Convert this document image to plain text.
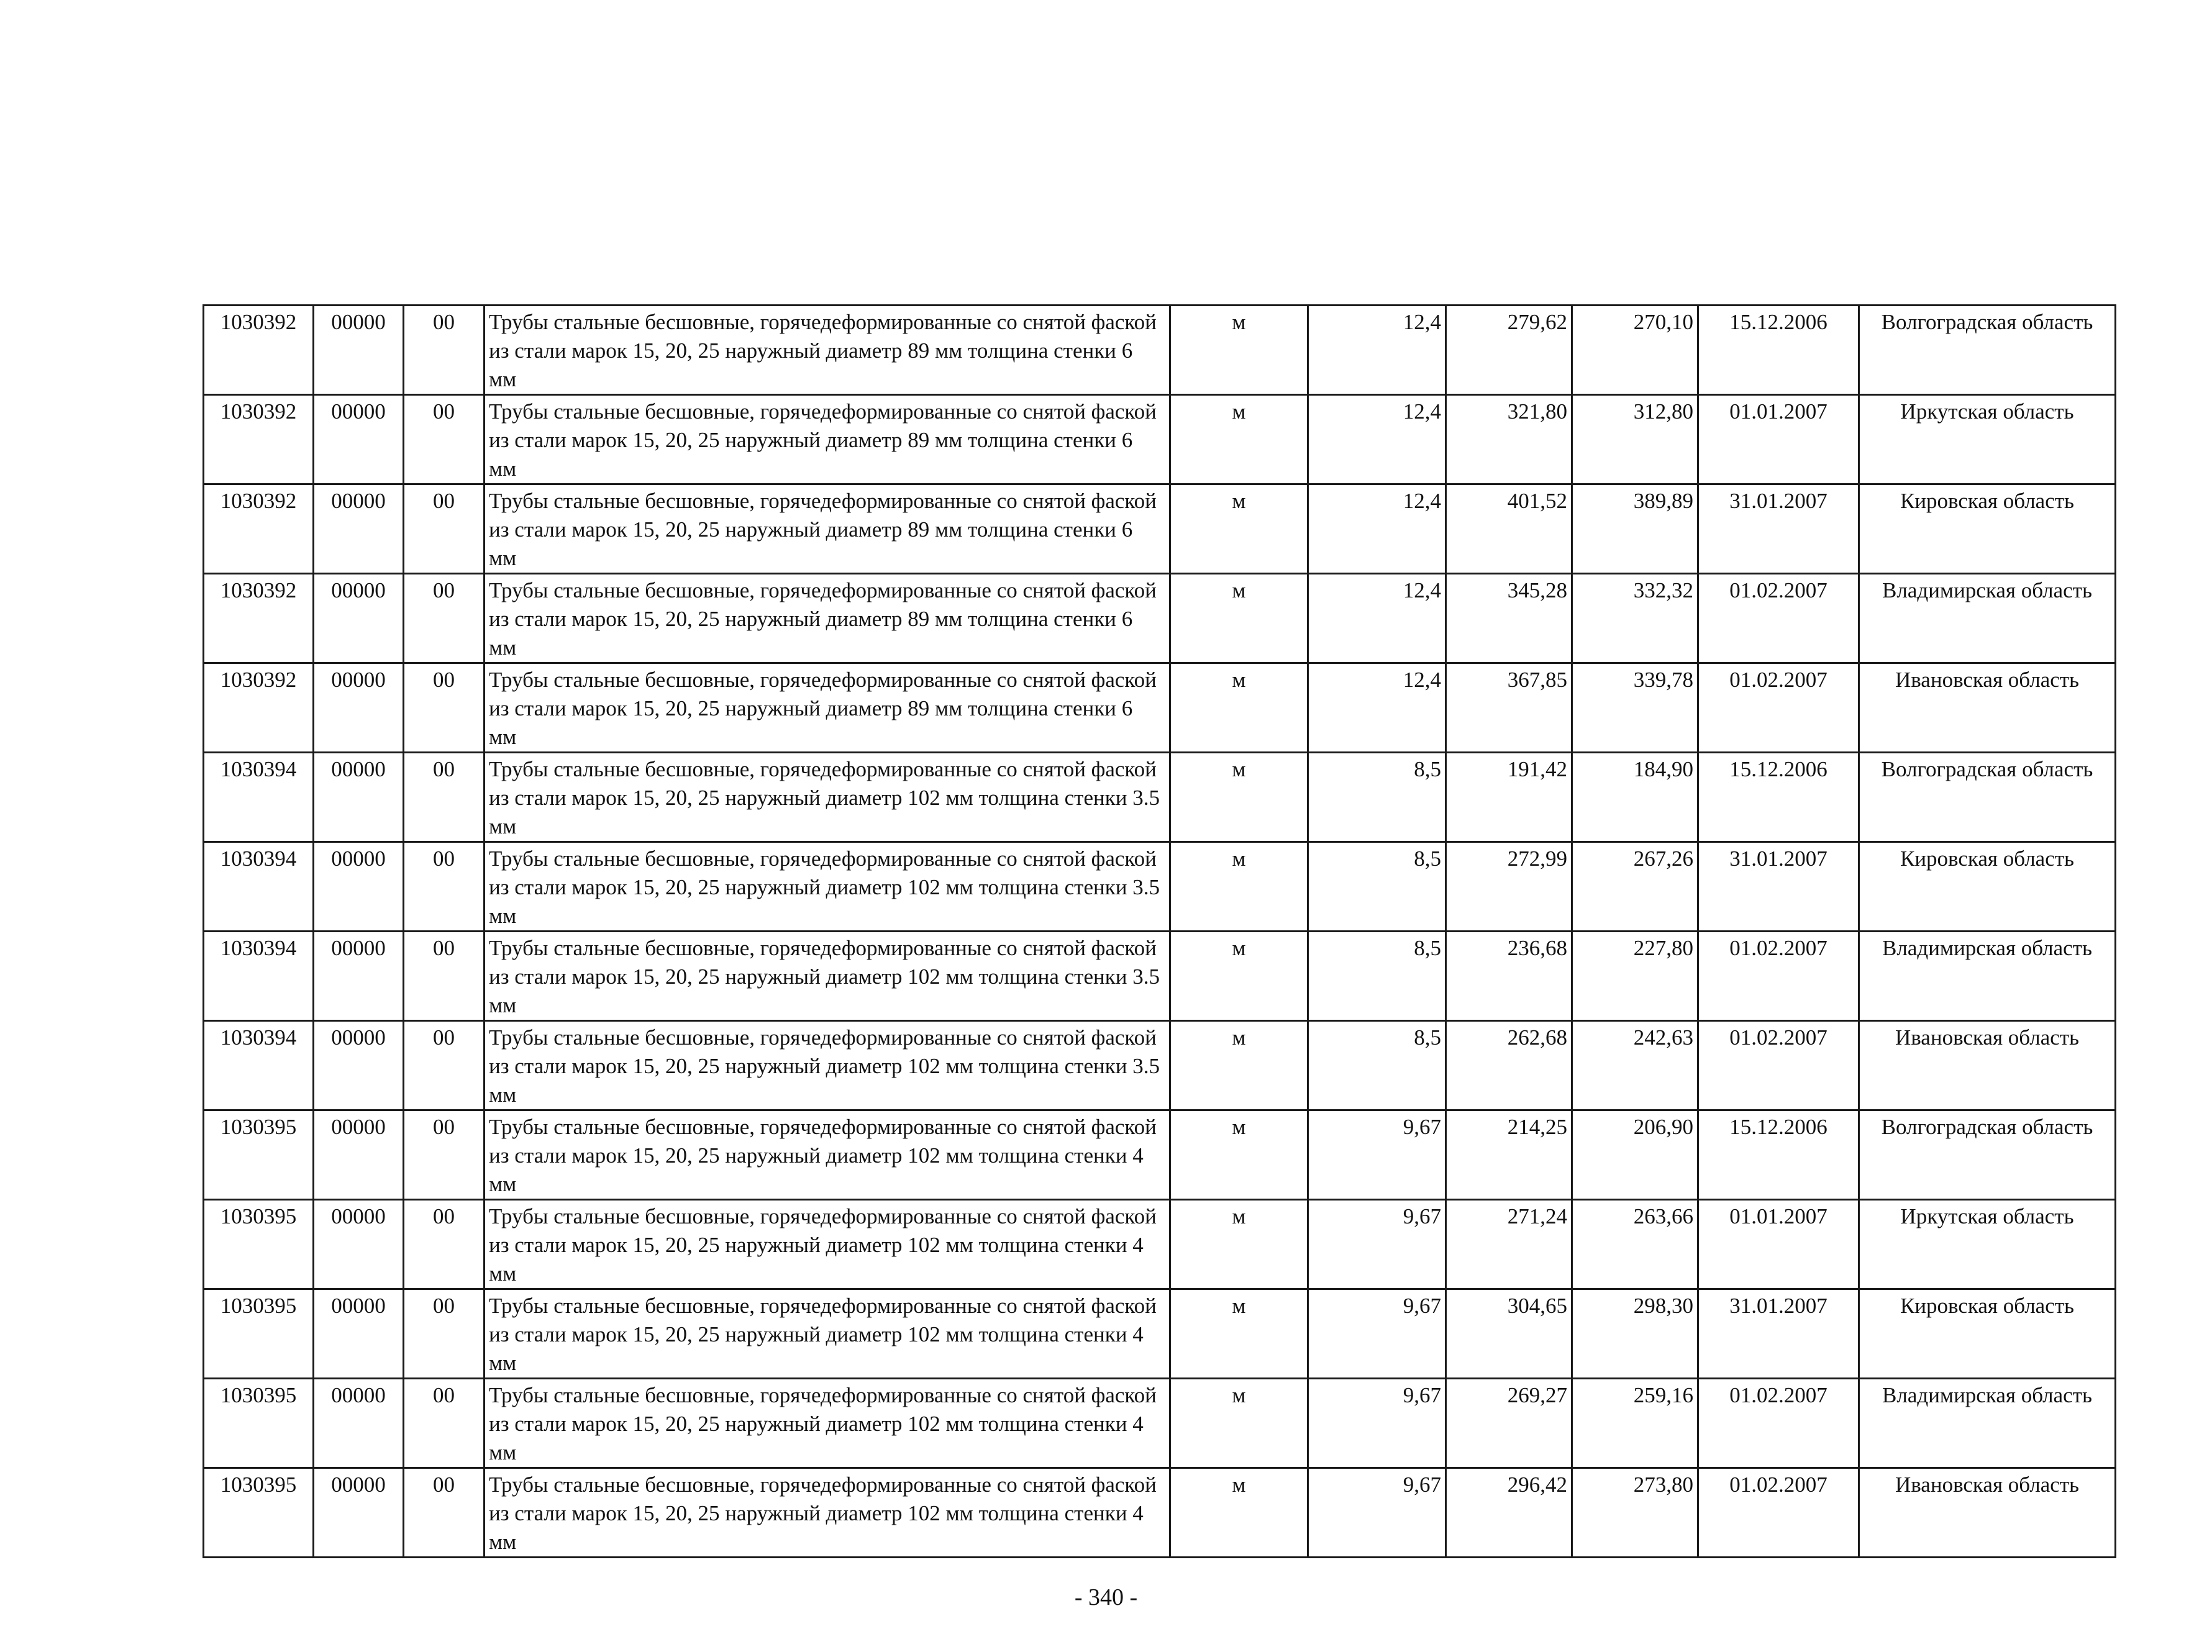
1030392	00000	00	Трубы стальные бесшовные, горячедеформированные со снятой фаской из стали марок 15, 20, 25 наружный диаметр 89 мм толщина стенки 6 мм	м	12,4	279,62	270,10	15.12.2006	Волгоградская область
1030392	00000	00	Трубы стальные бесшовные, горячедеформированные со снятой фаской из стали марок 15, 20, 25 наружный диаметр 89 мм толщина стенки 6 мм	м	12,4	321,80	312,80	01.01.2007	Иркутская область
1030392	00000	00	Трубы стальные бесшовные, горячедеформированные со снятой фаской из стали марок 15, 20, 25 наружный диаметр 89 мм толщина стенки 6 мм	м	12,4	401,52	389,89	31.01.2007	Кировская область
1030392	00000	00	Трубы стальные бесшовные, горячедеформированные со снятой фаской из стали марок 15, 20, 25 наружный диаметр 89 мм толщина стенки 6 мм	м	12,4	345,28	332,32	01.02.2007	Владимирская область
1030392	00000	00	Трубы стальные бесшовные, горячедеформированные со снятой фаской из стали марок 15, 20, 25 наружный диаметр 89 мм толщина стенки 6 мм	м	12,4	367,85	339,78	01.02.2007	Ивановская область
1030394	00000	00	Трубы стальные бесшовные, горячедеформированные со снятой фаской из стали марок 15, 20, 25 наружный диаметр 102 мм толщина стенки 3.5 мм	м	8,5	191,42	184,90	15.12.2006	Волгоградская область
1030394	00000	00	Трубы стальные бесшовные, горячедеформированные со снятой фаской из стали марок 15, 20, 25 наружный диаметр 102 мм толщина стенки 3.5 мм	м	8,5	272,99	267,26	31.01.2007	Кировская область
1030394	00000	00	Трубы стальные бесшовные, горячедеформированные со снятой фаской из стали марок 15, 20, 25 наружный диаметр 102 мм толщина стенки 3.5 мм	м	8,5	236,68	227,80	01.02.2007	Владимирская область
1030394	00000	00	Трубы стальные бесшовные, горячедеформированные со снятой фаской из стали марок 15, 20, 25 наружный диаметр 102 мм толщина стенки 3.5 мм	м	8,5	262,68	242,63	01.02.2007	Ивановская область
1030395	00000	00	Трубы стальные бесшовные, горячедеформированные со снятой фаской из стали марок 15, 20, 25 наружный диаметр 102 мм толщина стенки 4 мм	м	9,67	214,25	206,90	15.12.2006	Волгоградская область
1030395	00000	00	Трубы стальные бесшовные, горячедеформированные со снятой фаской из стали марок 15, 20, 25 наружный диаметр 102 мм толщина стенки 4 мм	м	9,67	271,24	263,66	01.01.2007	Иркутская область
1030395	00000	00	Трубы стальные бесшовные, горячедеформированные со снятой фаской из стали марок 15, 20, 25 наружный диаметр 102 мм толщина стенки 4 мм	м	9,67	304,65	298,30	31.01.2007	Кировская область
1030395	00000	00	Трубы стальные бесшовные, горячедеформированные со снятой фаской из стали марок 15, 20, 25 наружный диаметр 102 мм толщина стенки 4 мм	м	9,67	269,27	259,16	01.02.2007	Владимирская область
1030395	00000	00	Трубы стальные бесшовные, горячедеформированные со снятой фаской из стали марок 15, 20, 25 наружный диаметр 102 мм толщина стенки 4 мм	м	9,67	296,42	273,80	01.02.2007	Ивановская область
- 340 -
